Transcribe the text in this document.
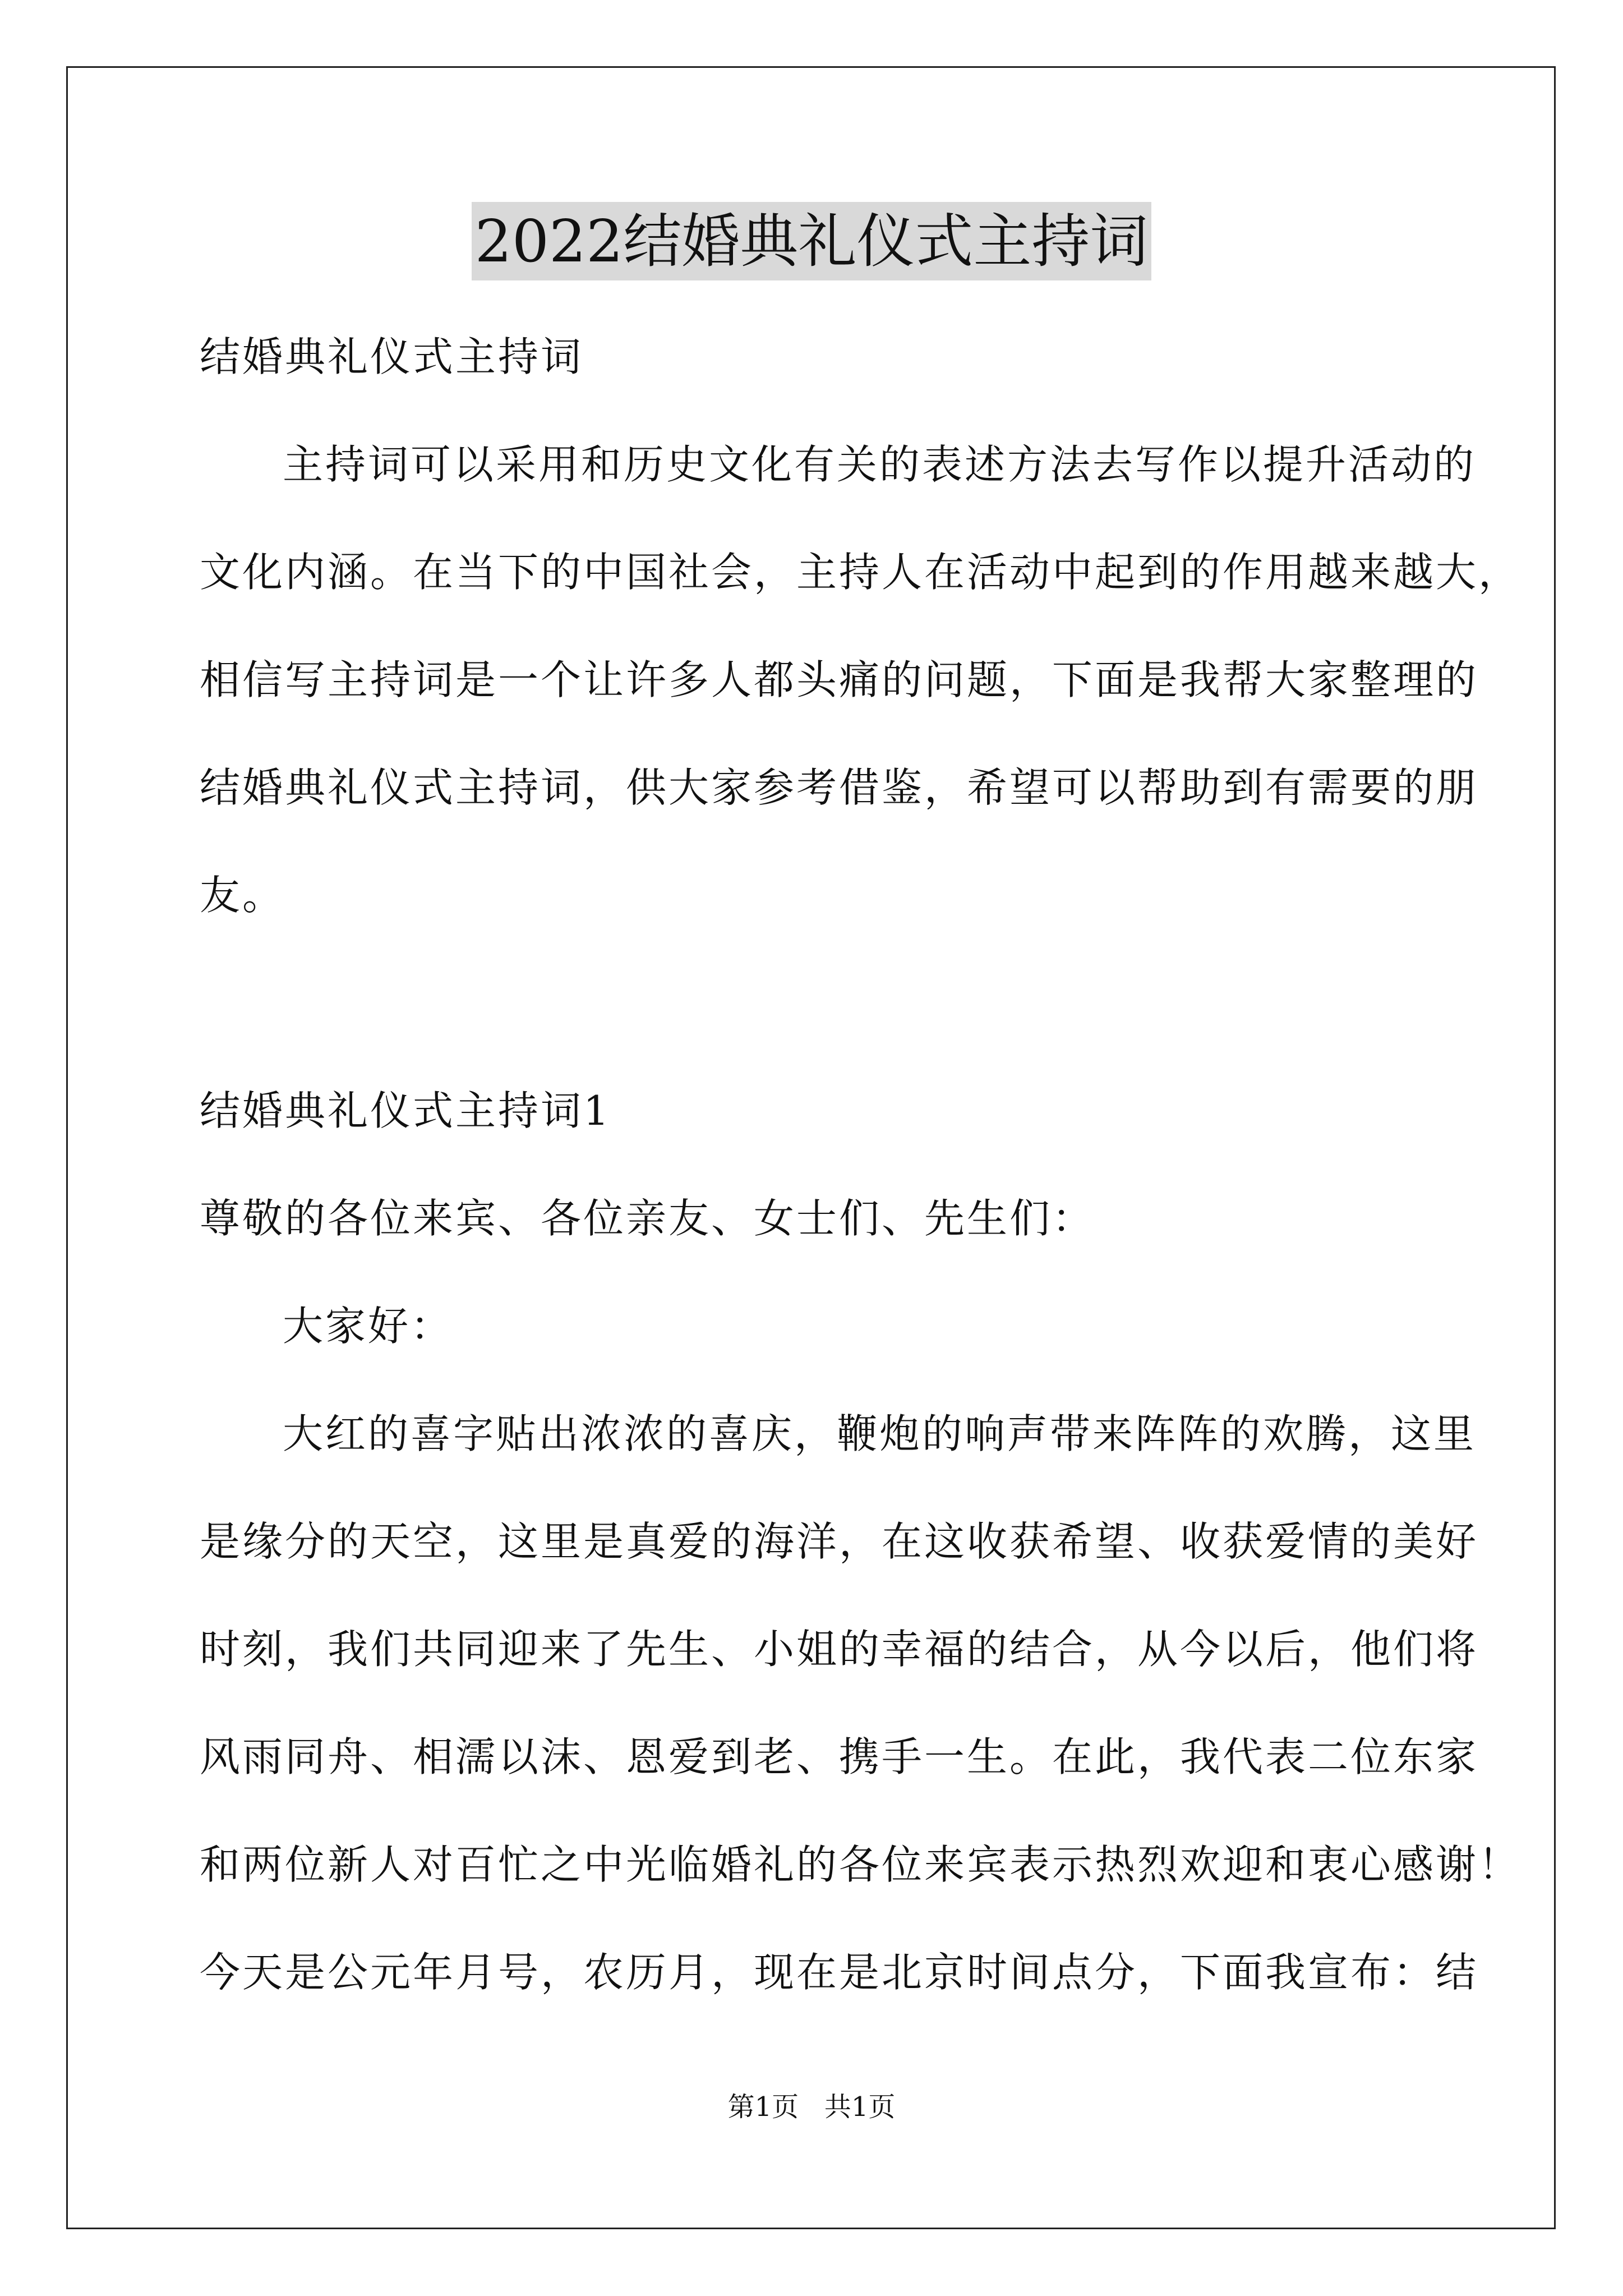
2022结婚典礼仪式主持词
结婚典礼仪式主持词
主持词可以采用和历史文化有关的表述方法去写作以提升活动的
文化内涵。在当下的中国社会，主持人在活动中起到的作用越来越大，
相信写主持词是一个让许多人都头痛的问题，下面是我帮大家整理的
结婚典礼仪式主持词，供大家参考借鉴，希望可以帮助到有需要的朋
友。
结婚典礼仪式主持词1
尊敬的各位来宾、各位亲友、女士们、先生们：
大家好：
大红的喜字贴出浓浓的喜庆，鞭炮的响声带来阵阵的欢腾，这里
是缘分的天空，这里是真爱的海洋，在这收获希望、收获爱情的美好
时刻，我们共同迎来了先生、小姐的幸福的结合，从今以后，他们将
风雨同舟、相濡以沫、恩爱到老、携手一生。在此，我代表二位东家
和两位新人对百忙之中光临婚礼的各位来宾表示热烈欢迎和衷心感谢！
今天是公元年月号，农历月，现在是北京时间点分，下面我宣布：结
第1页   共1页
